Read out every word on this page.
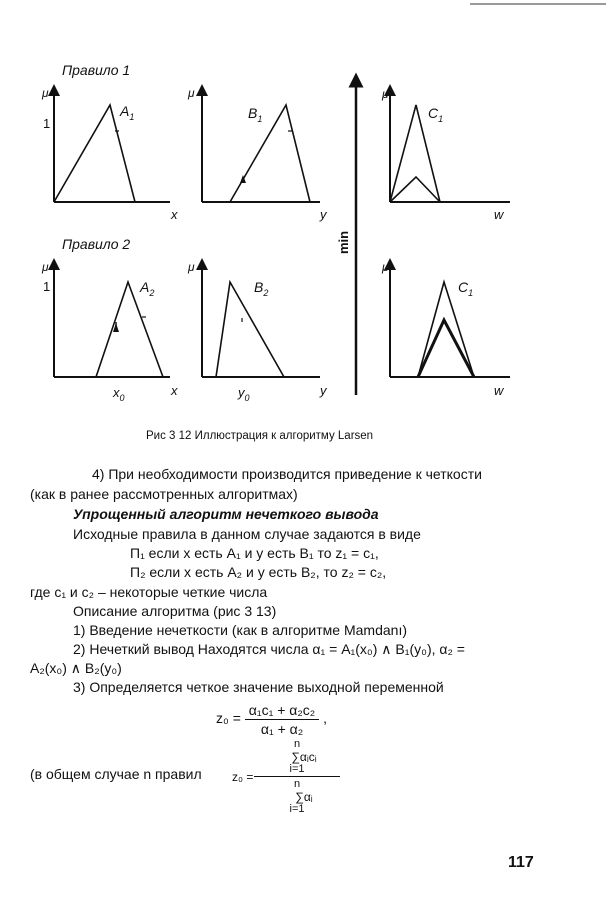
Правило 1
Правило 2
μ
1
$A_1$
x
μ
$B_1$
y
μ
$C_1$
w
min
μ
1	$A_2$
$x_0$	x
μ
$B_2$
$y_0$	y
μ
$C_1$
w
Рис 3 12 Иллюстрация к алгоритму Larsen
4) При необходимости производится приведение к четкости
(как в ранее рассмотренных алгоритмах)
Упрощенный алгоритм нечеткого вывода
Исходные правила в данном случае задаются в виде
П₁ если x есть A₁ и y есть B₁ то z₁ = c₁,
П₂ если x есть A₂ и y есть B₂, то z₂ = c₂,
где c₁ и c₂ – некоторые четкие числа
Описание алгоритма (рис 3 13)
1) Введение нечеткости (как в алгоритме Mamdanı)
2) Нечеткий вывод Находятся числа α₁ = A₁(x₀) ∧ B₁(y₀), α₂ =
A₂(x₀) ∧ B₂(y₀)
3) Определяется четкое значение выходной переменной
$z_0 = \frac{\text{α₁c₁ + α₂c₂}}{\text{α₁ + α₂}}$ ,
(в общем случае n правил	z₀ =
n
∑αᵢcᵢ
i=1
n
∑αᵢ
i=1
117
